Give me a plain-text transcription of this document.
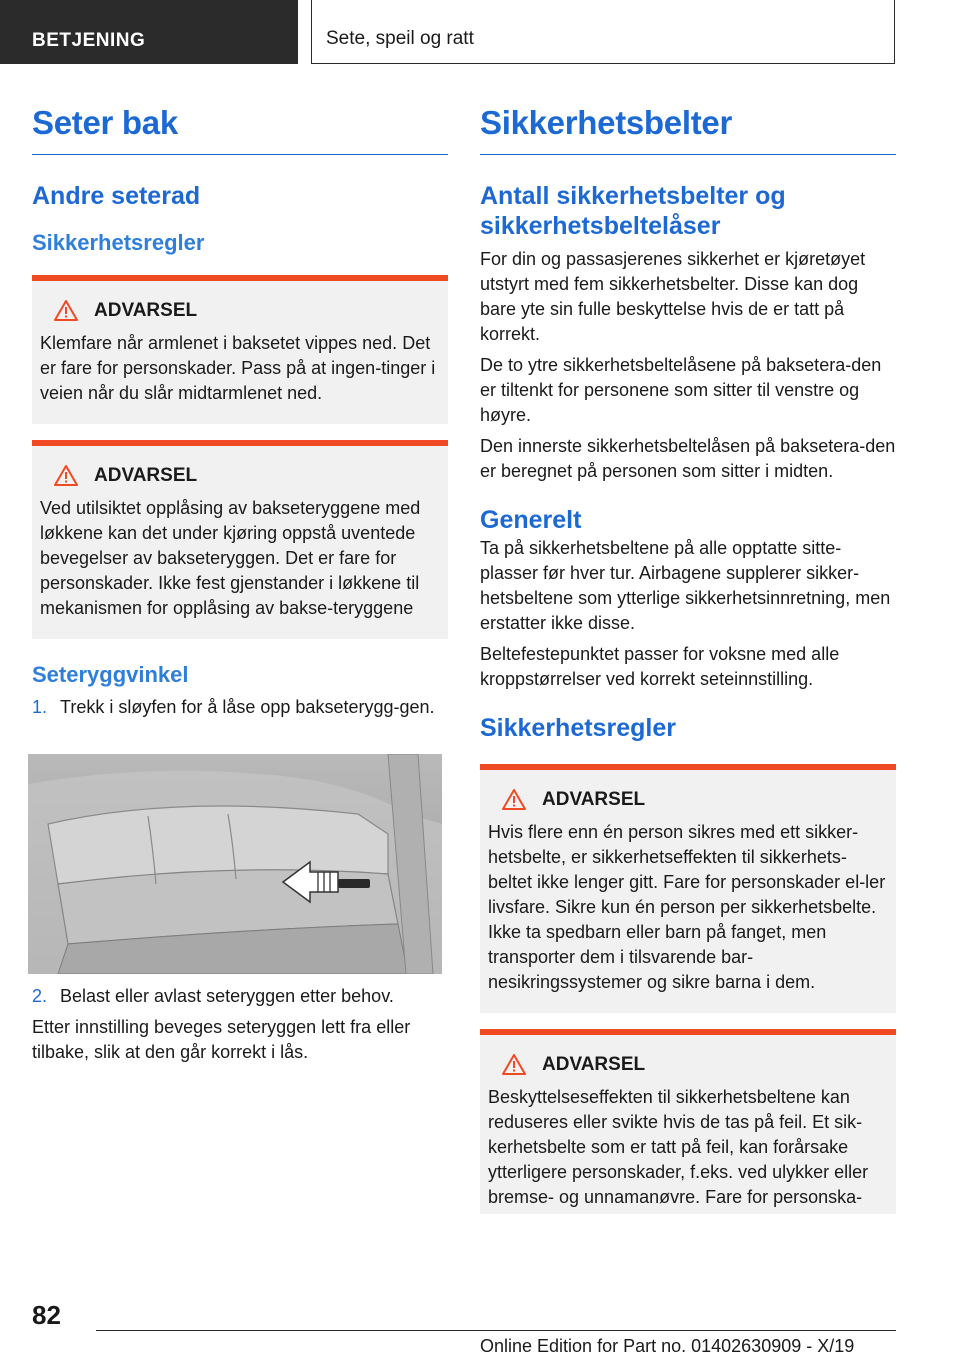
BETJENING	Sete, speil og ratt
Seter bak
Andre seterad
Sikkerhetsregler
ADVARSEL
Klemfare når armlenet i baksetet vippes ned. Det er fare for personskader. Pass på at ingen-tinger i veien når du slår midtarmlenet ned.
ADVARSEL
Ved utilsiktet opplåsing av bakseteryggene med løkkene kan det under kjøring oppstå uventede bevegelser av bakseteryggen. Det er fare for personskader. Ikke fest gjenstander i løkkene til mekanismen for opplåsing av bakse-teryggene
Seteryggvinkel
1. Trekk i sløyfen for å låse opp bakseterygg-gen.
2. Belast eller avlast seteryggen etter behov.
Etter innstilling beveges seteryggen lett fra eller tilbake, slik at den går korrekt i lås.
Sikkerhetsbelter
Antall sikkerhetsbelter og sikkerhetsbeltelåser
For din og passasjerenes sikkerhet er kjøretøyet utstyrt med fem sikkerhetsbelter. Disse kan dog bare yte sin fulle beskyttelse hvis de er tatt på korrekt.
De to ytre sikkerhetsbeltelåsene på baksetera-den er tiltenkt for personene som sitter til venstre og høyre.
Den innerste sikkerhetsbeltelåsen på baksetera-den er beregnet på personen som sitter i midten.
Generelt
Ta på sikkerhetsbeltene på alle opptatte sitte-plasser før hver tur. Airbagene supplerer sikker-hetsbeltene som ytterlige sikkerhetsinnretning, men erstatter ikke disse.
Beltefestepunktet passer for voksne med alle kroppstørrelser ved korrekt seteinnstilling.
Sikkerhetsregler
ADVARSEL
Hvis flere enn én person sikres med ett sikker-hetsbelte, er sikkerhetseffekten til sikkerhets-beltet ikke lenger gitt. Fare for personskader el-ler livsfare. Sikre kun én person per sikkerhetsbelte. Ikke ta spedbarn eller barn på fanget, men transporter dem i tilsvarende bar-nesikringssystemer og sikre barna i dem.
ADVARSEL
Beskyttelseseffekten til sikkerhetsbeltene kan reduseres eller svikte hvis de tas på feil. Et sik-kerhetsbelte som er tatt på feil, kan forårsake ytterligere personskader, f.eks. ved ulykker eller bremse- og unnamanøvre. Fare for personska-
82
Online Edition for Part no. 01402630909 - X/19
